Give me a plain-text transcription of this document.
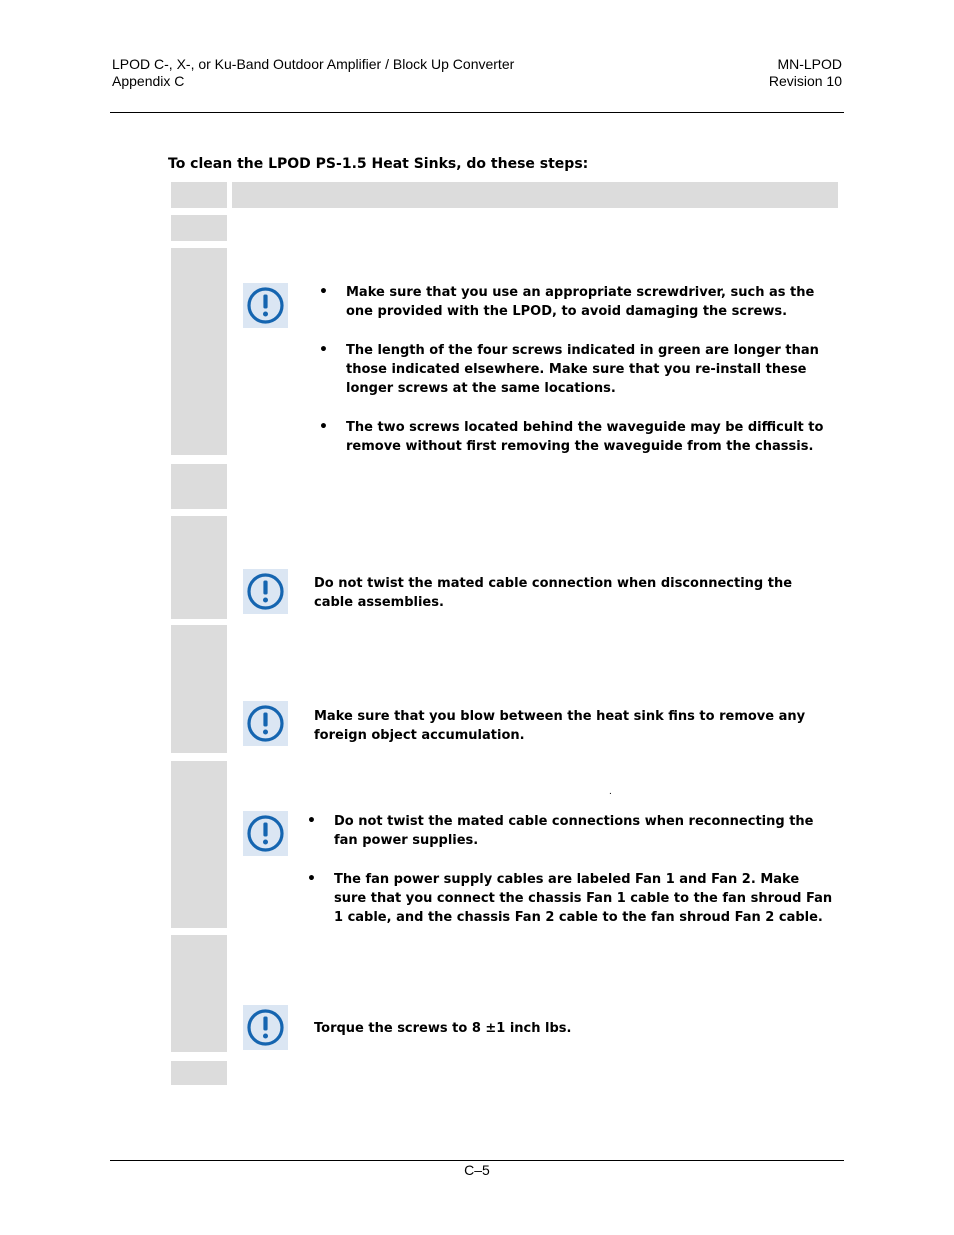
LPOD C-, X-, or Ku-Band Outdoor Amplifier / Block Up Converter
Appendix C
MN-LPOD
Revision 10
To clean the LPOD PS-1.5 Heat Sinks, do these steps:
• Make sure that you use an appropriate screwdriver, such as the one provided with the LPOD, to avoid damaging the screws.
• The length of the four screws indicated in green are longer than those indicated elsewhere. Make sure that you re-install these longer screws at the same locations.
• The two screws located behind the waveguide may be difficult to remove without first removing the waveguide from the chassis.
Do not twist the mated cable connection when disconnecting the cable assemblies.
Make sure that you blow between the heat sink fins to remove any foreign object accumulation.
.
• Do not twist the mated cable connections when reconnecting the fan power supplies.
• The fan power supply cables are labeled Fan 1 and Fan 2. Make sure that you connect the chassis Fan 1 cable to the fan shroud Fan 1 cable, and the chassis Fan 2 cable to the fan shroud Fan 2 cable.
Torque the screws to 8 ±1 inch lbs.
C–5
